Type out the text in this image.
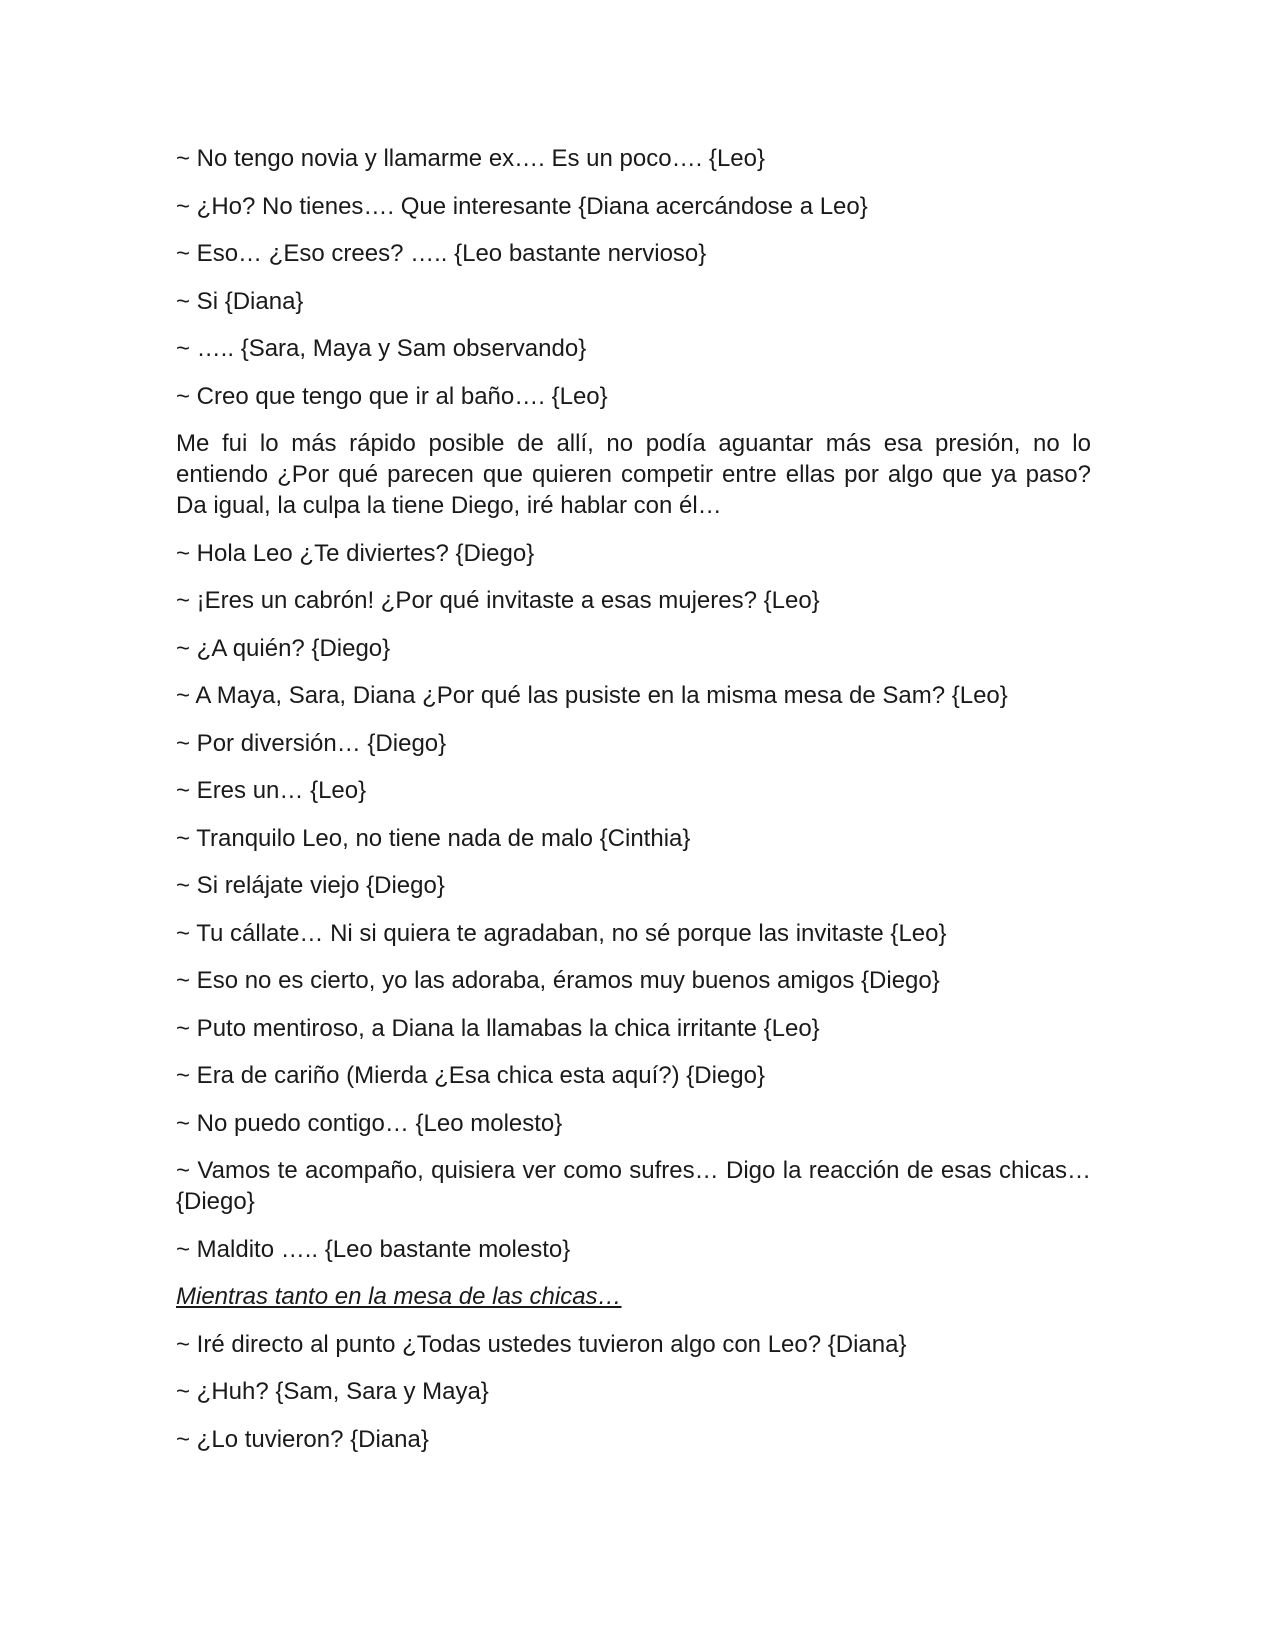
~ No tengo novia y llamarme ex…. Es un poco…. {Leo}

~ ¿Ho? No tienes…. Que interesante {Diana acercándose a Leo}

~ Eso… ¿Eso crees? ….. {Leo bastante nervioso}

~ Si {Diana}

~ ….. {Sara, Maya y Sam observando}

~ Creo que tengo que ir al baño…. {Leo}

Me fui lo más rápido posible de allí, no podía aguantar más esa presión, no lo entiendo ¿Por qué parecen que quieren competir entre ellas por algo que ya paso? Da igual, la culpa la tiene Diego, iré hablar con él…

~ Hola Leo ¿Te diviertes? {Diego}

~ ¡Eres un cabrón! ¿Por qué invitaste a esas mujeres? {Leo}

~ ¿A quién? {Diego}

~ A Maya, Sara, Diana ¿Por qué las pusiste en la misma mesa de Sam? {Leo}

~ Por diversión… {Diego}

~ Eres un… {Leo}

~ Tranquilo Leo, no tiene nada de malo {Cinthia}

~ Si relájate viejo {Diego}

~ Tu cállate… Ni si quiera te agradaban, no sé porque las invitaste {Leo}

~ Eso no es cierto, yo las adoraba, éramos muy buenos amigos {Diego}

~ Puto mentiroso, a Diana la llamabas la chica irritante {Leo}

~ Era de cariño (Mierda ¿Esa chica esta aquí?) {Diego}

~ No puedo contigo… {Leo molesto}

~ Vamos te acompaño, quisiera ver como sufres… Digo la reacción de esas chicas… {Diego}

~ Maldito ….. {Leo bastante molesto}

Mientras tanto en la mesa de las chicas…

~ Iré directo al punto ¿Todas ustedes tuvieron algo con Leo? {Diana}

~ ¿Huh? {Sam, Sara y Maya}

~ ¿Lo tuvieron? {Diana}
